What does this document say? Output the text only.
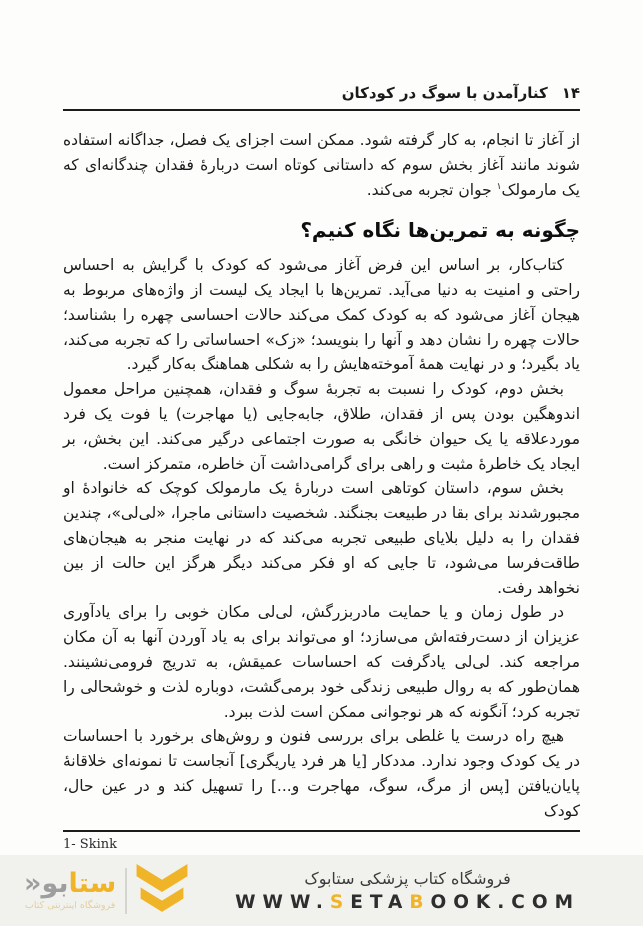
۱۴
کنارآمدن با سوگ در کودکان

از آغاز تا انجام، به کار گرفته شود. ممکن است اجزای یک فصل، جداگانه استفاده شوند مانند آغاز بخش سوم که داستانی کوتاه است دربارهٔ فقدان چندگانه‌ای که یک مارمولک$^۱$ جوان تجربه می‌کند.

چگونه به تمرین‌ها نگاه کنیم؟

کتاب‌کار، بر اساس این فرض آغاز می‌شود که کودک با گرایش به احساس راحتی و امنیت به دنیا می‌آید. تمرین‌ها با ایجاد یک لیست از واژه‌های مربوط به هیجان آغاز می‌شود که به کودک کمک می‌کند حالات احساسی چهره را بشناسد؛ حالات چهره را نشان دهد و آنها را بنویسد؛ «زک» احساساتی را که تجربه می‌کند، یاد بگیرد؛ و در نهایت همهٔ آموخته‌هایش را به شکلی هماهنگ به‌کار گیرد.

بخش دوم، کودک را نسبت به تجربهٔ سوگ و فقدان، همچنین مراحل معمول اندوهگین بودن پس از فقدان، طلاق، جابه‌جایی (یا مهاجرت) یا فوت یک فرد موردعلاقه یا یک حیوان خانگی به صورت اجتماعی درگیر می‌کند. این بخش، بر ایجاد یک خاطرهٔ مثبت و راهی برای گرامی‌داشت آن خاطره، متمرکز است.

بخش سوم، داستان کوتاهی است دربارهٔ یک مارمولک کوچک که خانوادهٔ او مجبورشدند برای بقا در طبیعت بجنگند. شخصیت داستانی ماجرا، «لی‌لی»، چندین فقدان را به دلیل بلایای طبیعی تجربه می‌کند که در نهایت منجر به هیجان‌های طاقت‌فرسا می‌شود، تا جایی که او فکر می‌کند دیگر هرگز این حالت از بین نخواهد رفت.

در طول زمان و یا حمایت مادربزرگش، لی‌لی مکان خوبی را برای یادآوری عزیزان از دست‌رفته‌اش می‌سازد؛ او می‌تواند برای به یاد آوردن آنها به آن مکان مراجعه کند. لی‌لی یادگرفت که احساسات عمیقش، به تدریج فرومی‌نشینند. همان‌طور که به روال طبیعی زندگی خود برمی‌گشت، دوباره لذت و خوشحالی را تجربه کرد؛ آنگونه که هر نوجوانی ممکن است لذت ببرد.

هیچ راه درست یا غلطی برای بررسی فنون و روش‌های برخورد با احساسات در یک کودک وجود ندارد. مددکار [یا هر فرد یاریگری] آنجاست تا نمونه‌ای خلاقانهٔ پایان‌یافتن [پس از مرگ، سوگ، مهاجرت و...] را تسهیل کند و در عین حال، کودک

1- Skink
ستابو«
فروشگاه اینترنتی کتاب
فروشگاه کتاب پزشکی ستابوک
WWW.SETABOOK.COM
